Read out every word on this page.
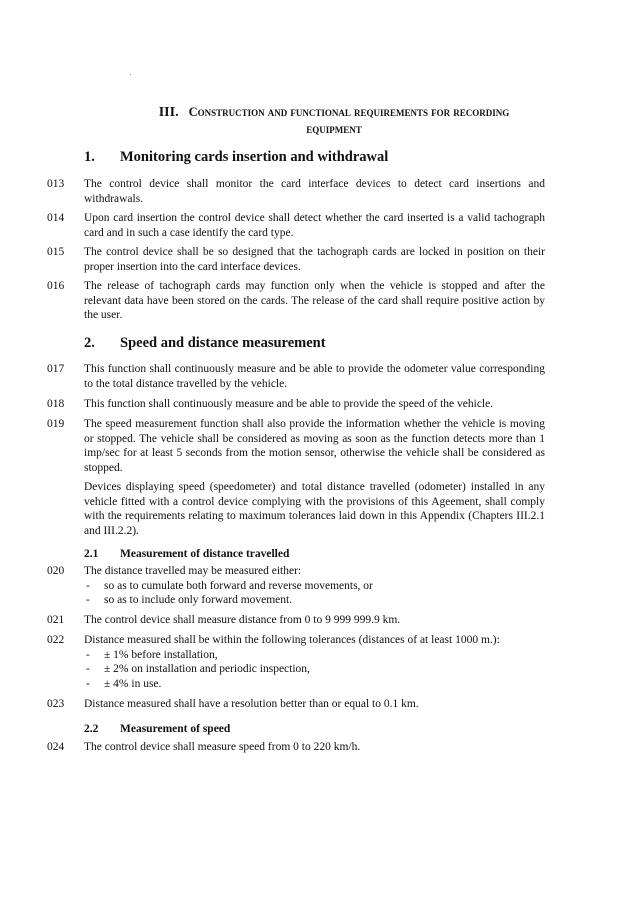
III. Construction and functional requirements for recording
equipment
1. Monitoring cards insertion and withdrawal
013	The control device shall monitor the card interface devices to detect card insertions and withdrawals.
014	Upon card insertion the control device shall detect whether the card inserted is a valid tachograph card and in such a case identify the card type.
015	The control device shall be so designed that the tachograph cards are locked in position on their proper insertion into the card interface devices.
016	The release of tachograph cards may function only when the vehicle is stopped and after the relevant data have been stored on the cards. The release of the card shall require positive action by the user.
2. Speed and distance measurement
017	This function shall continuously measure and be able to provide the odometer value corresponding to the total distance travelled by the vehicle.
018	This function shall continuously measure and be able to provide the speed of the vehicle.
019	The speed measurement function shall also provide the information whether the vehicle is moving or stopped. The vehicle shall be considered as moving as soon as the function detects more than 1 imp/sec for at least 5 seconds from the motion sensor, otherwise the vehicle shall be considered as stopped.
Devices displaying speed (speedometer) and total distance travelled (odometer) installed in any vehicle fitted with a control device complying with the provisions of this Ageement, shall comply with the requirements relating to maximum tolerances laid down in this Appendix (Chapters III.2.1 and III.2.2).
2.1 Measurement of distance travelled
020	The distance travelled may be measured either:
- so as to cumulate both forward and reverse movements, or
- so as to include only forward movement.
021	The control device shall measure distance from 0 to 9 999 999.9 km.
022	Distance measured shall be within the following tolerances (distances of at least 1000 m.):
- ± 1% before installation,
- ± 2% on installation and periodic inspection,
- ± 4% in use.
023	Distance measured shall have a resolution better than or equal to 0.1 km.
2.2 Measurement of speed
024	The control device shall measure speed from 0 to 220 km/h.
